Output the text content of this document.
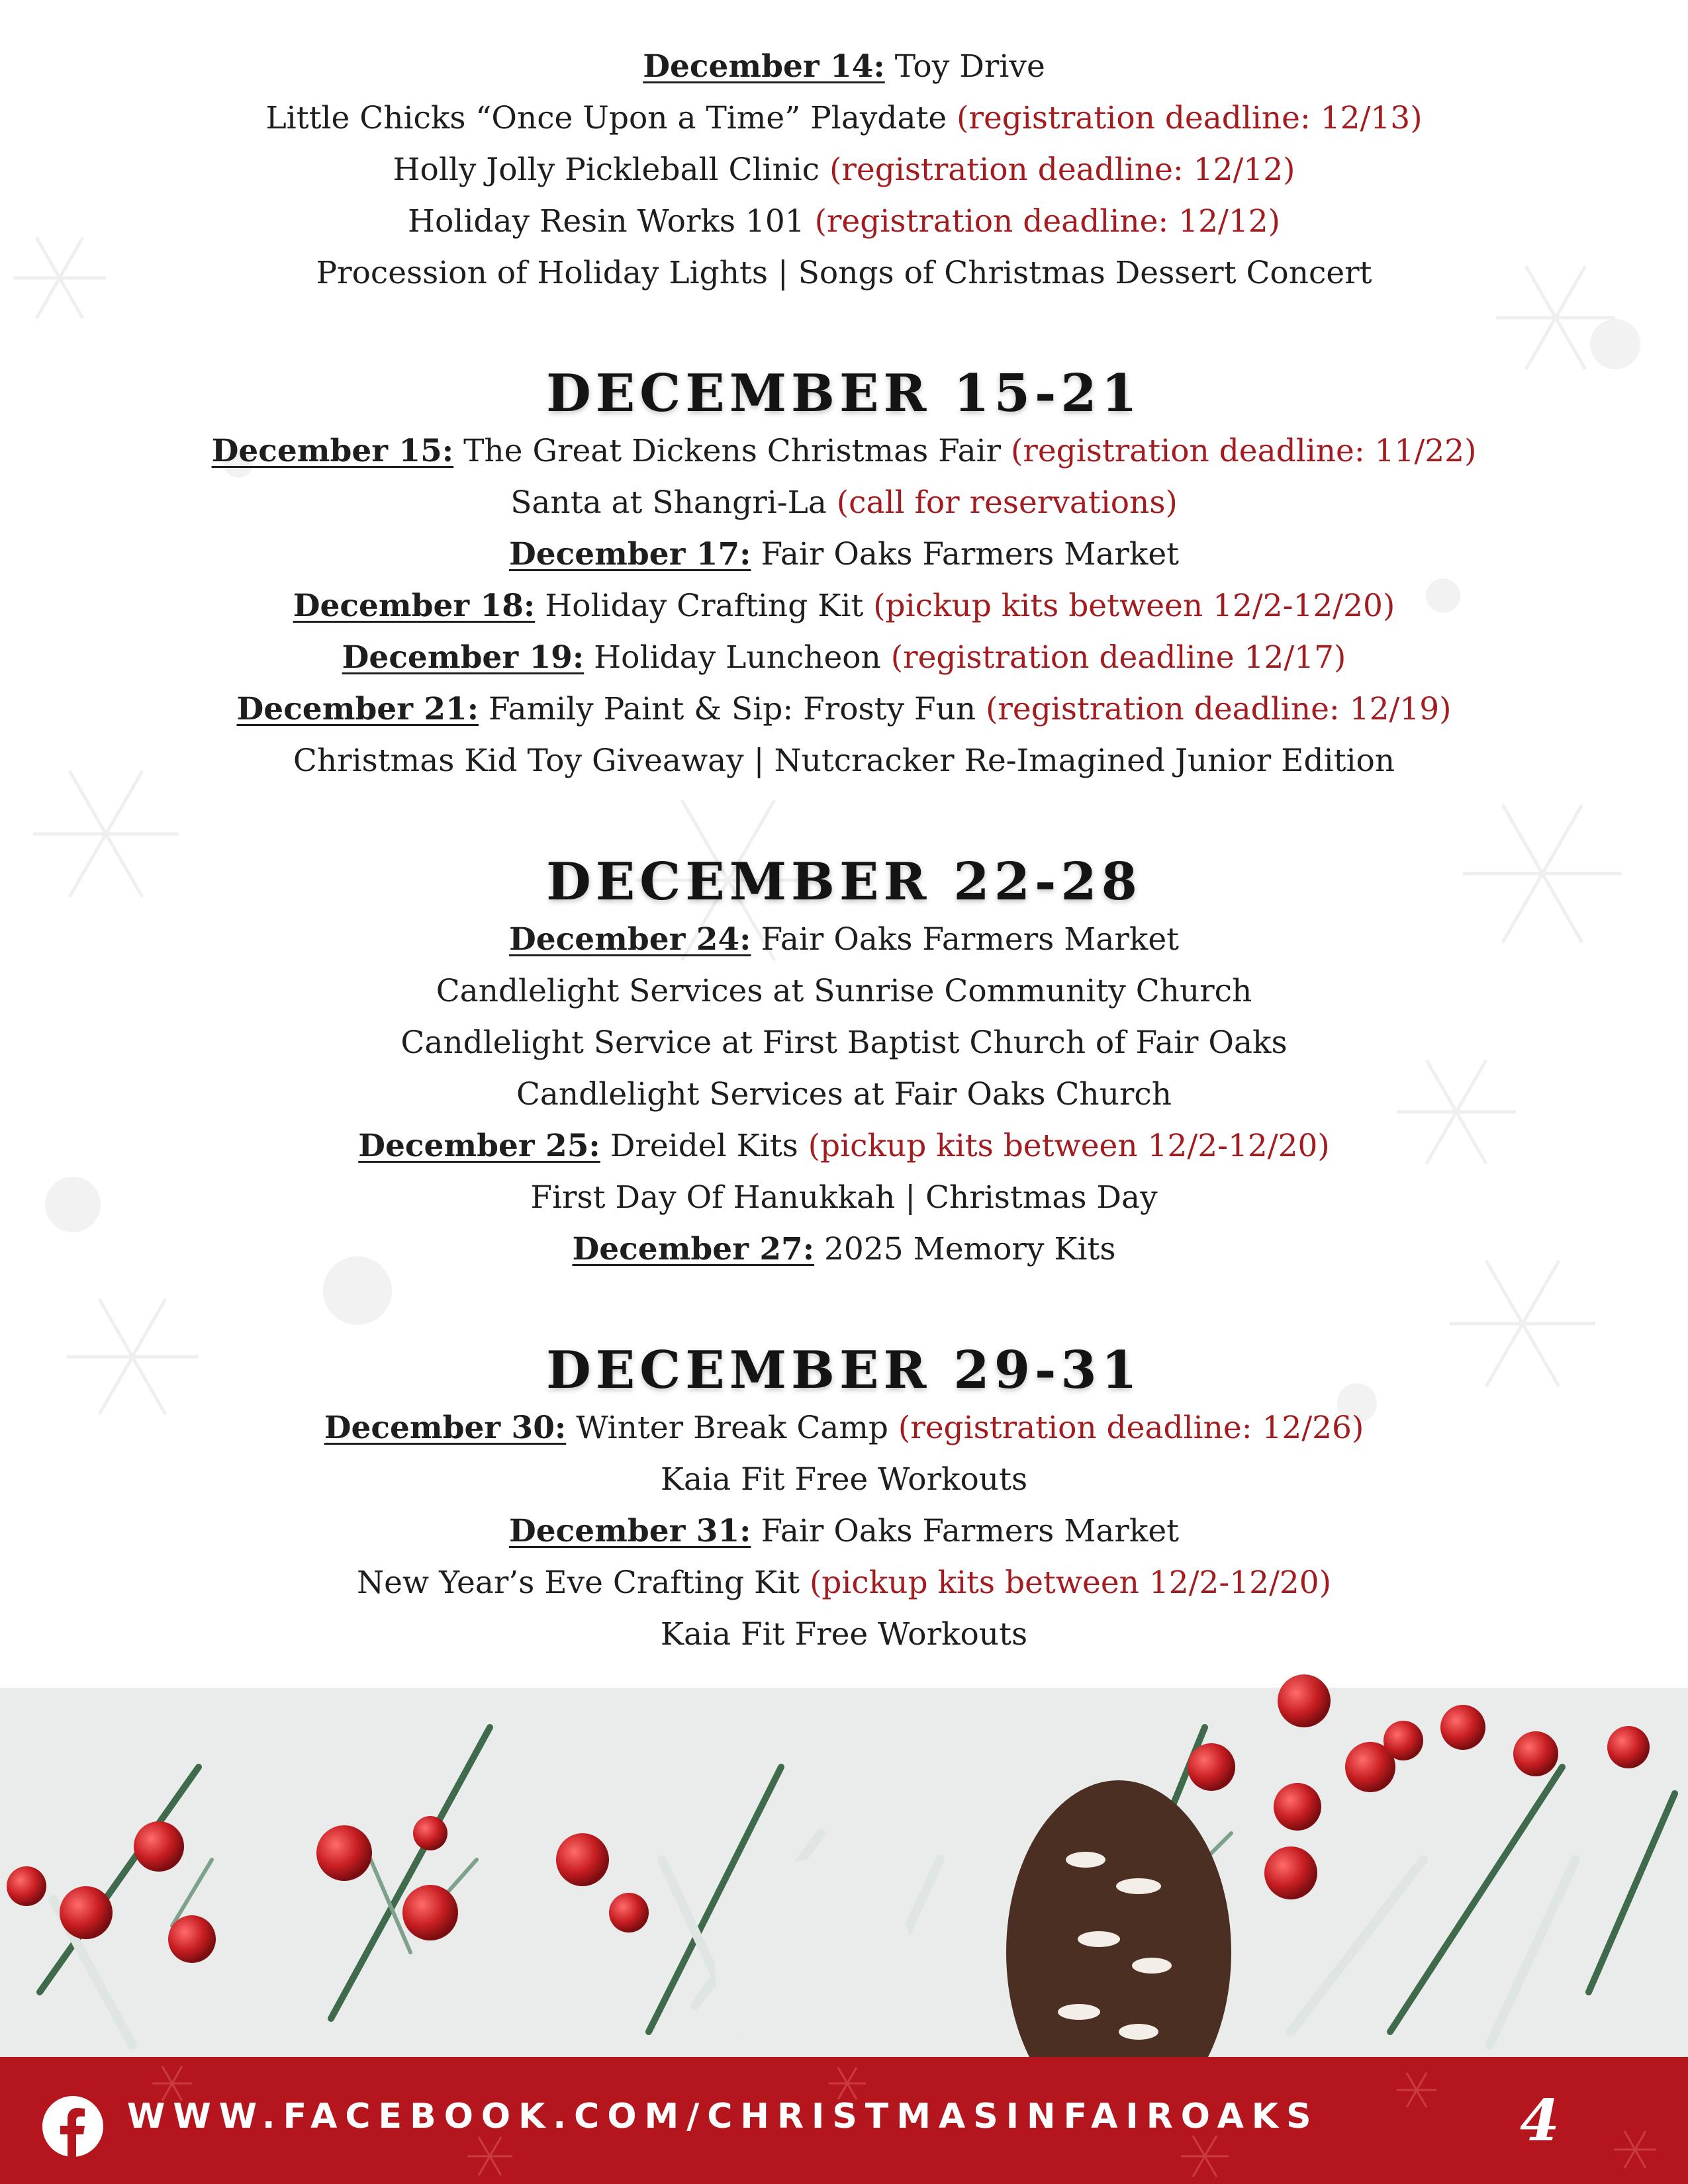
December 14: Toy Drive
Little Chicks “Once Upon a Time” Playdate (registration deadline: 12/13)
Holly Jolly Pickleball Clinic (registration deadline: 12/12)
Holiday Resin Works 101 (registration deadline: 12/12)
Procession of Holiday Lights | Songs of Christmas Dessert Concert
DECEMBER 15-21
December 15: The Great Dickens Christmas Fair (registration deadline: 11/22)
Santa at Shangri-La (call for reservations)
December 17: Fair Oaks Farmers Market
December 18: Holiday Crafting Kit (pickup kits between 12/2-12/20)
December 19: Holiday Luncheon (registration deadline 12/17)
December 21: Family Paint & Sip: Frosty Fun (registration deadline: 12/19)
Christmas Kid Toy Giveaway | Nutcracker Re-Imagined Junior Edition
DECEMBER 22-28
December 24: Fair Oaks Farmers Market
Candlelight Services at Sunrise Community Church
Candlelight Service at First Baptist Church of Fair Oaks
Candlelight Services at Fair Oaks Church
December 25: Dreidel Kits (pickup kits between 12/2-12/20)
First Day Of Hanukkah | Christmas Day
December 27: 2025 Memory Kits
DECEMBER 29-31
December 30: Winter Break Camp (registration deadline: 12/26)
Kaia Fit Free Workouts
December 31: Fair Oaks Farmers Market
New Year’s Eve Crafting Kit (pickup kits between 12/2-12/20)
Kaia Fit Free Workouts
WWW.FACEBOOK.COM/CHRISTMASINFAIROAKS	4
